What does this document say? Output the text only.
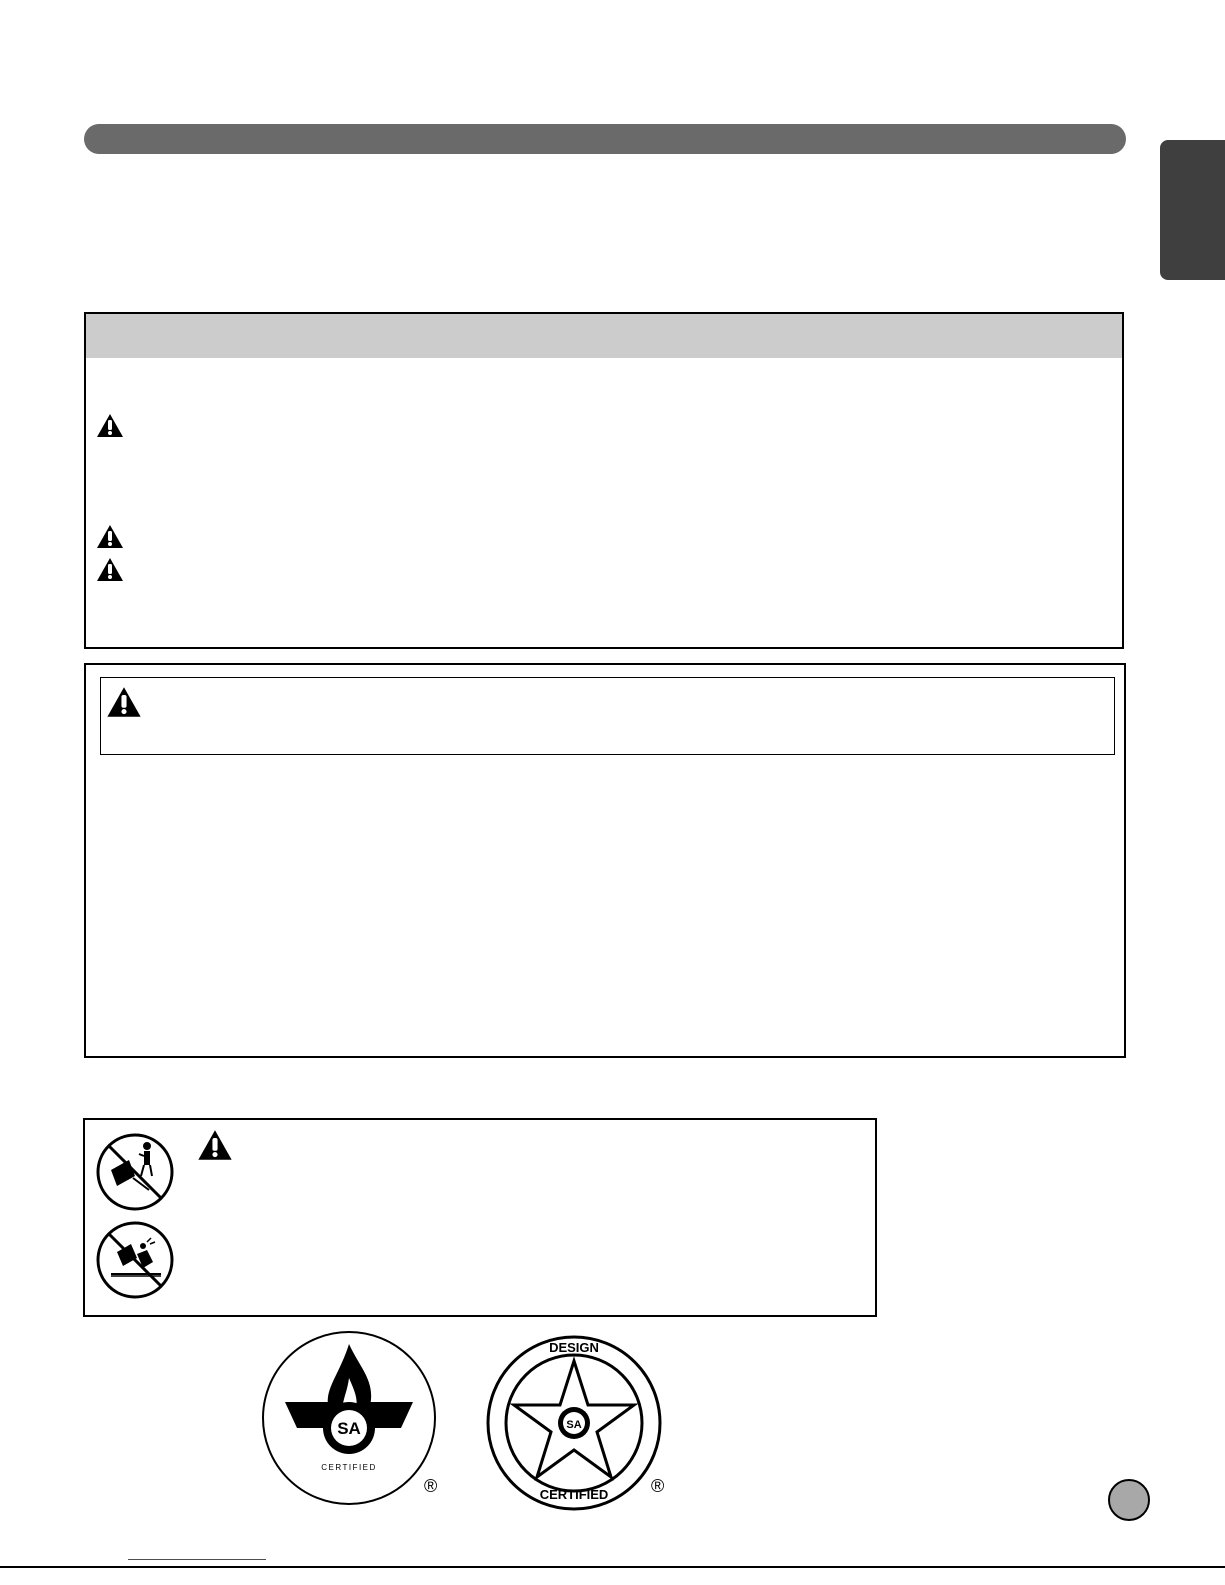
SA
CERTIFIED
®
SA
DESIGN
CERTIFIED ®
